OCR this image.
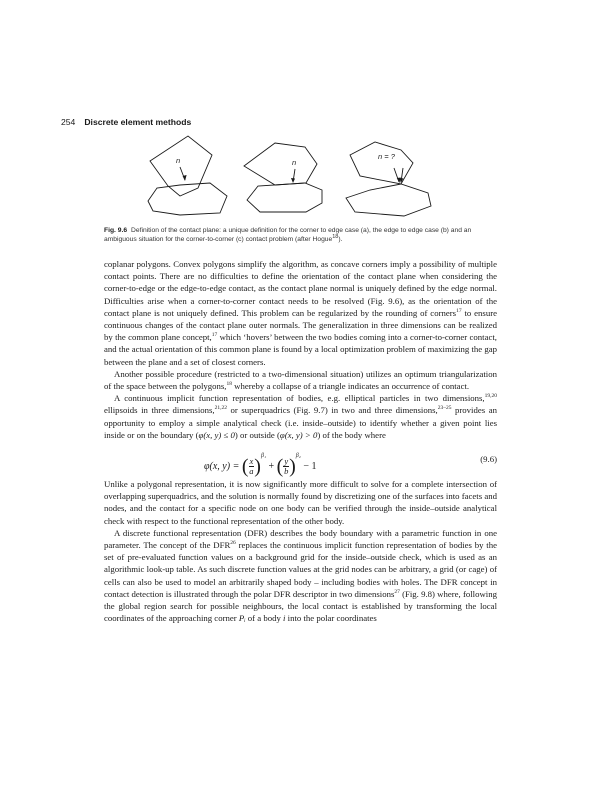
254 Discrete element methods
n	n
n = ?
Fig. 9.6 Definition of the contact plane: a unique definition for the corner to edge case (a), the edge to edge case (b) and an ambiguous situation for the corner-to-corner (c) contact problem (after Hogue$^{18}$).

coplanar polygons. Convex polygons simplify the algorithm, as concave corners imply a possibility of multiple contact points. There are no difficulties to define the orientation of the contact plane when considering the corner-to-edge or the edge-to-edge contact, as the contact plane normal is uniquely defined by the edge normal. Difficulties arise when a corner-to-corner contact needs to be resolved (Fig. 9.6), as the orientation of the contact plane is not uniquely defined. This problem can be regularized by the rounding of corners$^{17}$ to ensure continuous changes of the contact plane outer normals. The generalization in three dimensions can be realized by the common plane concept,$^{17}$ which ‘hovers’ between the two bodies coming into a corner-to-corner contact, and the actual orientation of this common plane is found by a local optimization problem of maximizing the gap between the plane and a set of closest corners.

Another possible procedure (restricted to a two-dimensional situation) utilizes an optimum triangularization of the space between the polygons,$^{18}$ whereby a collapse of a triangle indicates an occurrence of contact.

A continuous implicit function representation of bodies, e.g. elliptical particles in two dimensions,$^{19,20}$ ellipsoids in three dimensions,$^{21,22}$ or superquadrics (Fig. 9.7) in two and three dimensions,$^{23-25}$ provides an opportunity to employ a simple analytical check (i.e. inside–outside) to identify whether a given point lies inside or on the boundary (φ(x, y) ≤ 0) or outside (φ(x, y) > 0) of the body where

φ(x, y) = ( $\frac{x}{a} )^{\beta_1}$ + ( $\frac{y}{b} )^{\beta_2} - 1$
(9.6)

Unlike a polygonal representation, it is now significantly more difficult to solve for a complete intersection of overlapping superquadrics, and the solution is normally found by discretizing one of the surfaces into facets and nodes, and the contact for a specific node on one body can be verified through the inside–outside analytical check with respect to the functional representation of the other body.

A discrete functional representation (DFR) describes the body boundary with a parametric function in one parameter. The concept of the DFR$^{26}$ replaces the continuous implicit function representation of bodies by the set of pre-evaluated function values on a background grid for the inside–outside check, which is used as an algorithmic look-up table. As such discrete function values at the grid nodes can be arbitrary, a grid (or cage) of cells can also be used to model an arbitrarily shaped body – including bodies with holes. The DFR concept in contact detection is illustrated through the polar DFR descriptor in two dimensions$^{27}$ (Fig. 9.8) where, following the global region search for possible neighbours, the local contact is established by transforming the local coordinates of the approaching corner Pᵢ of a body i into the polar coordinates
